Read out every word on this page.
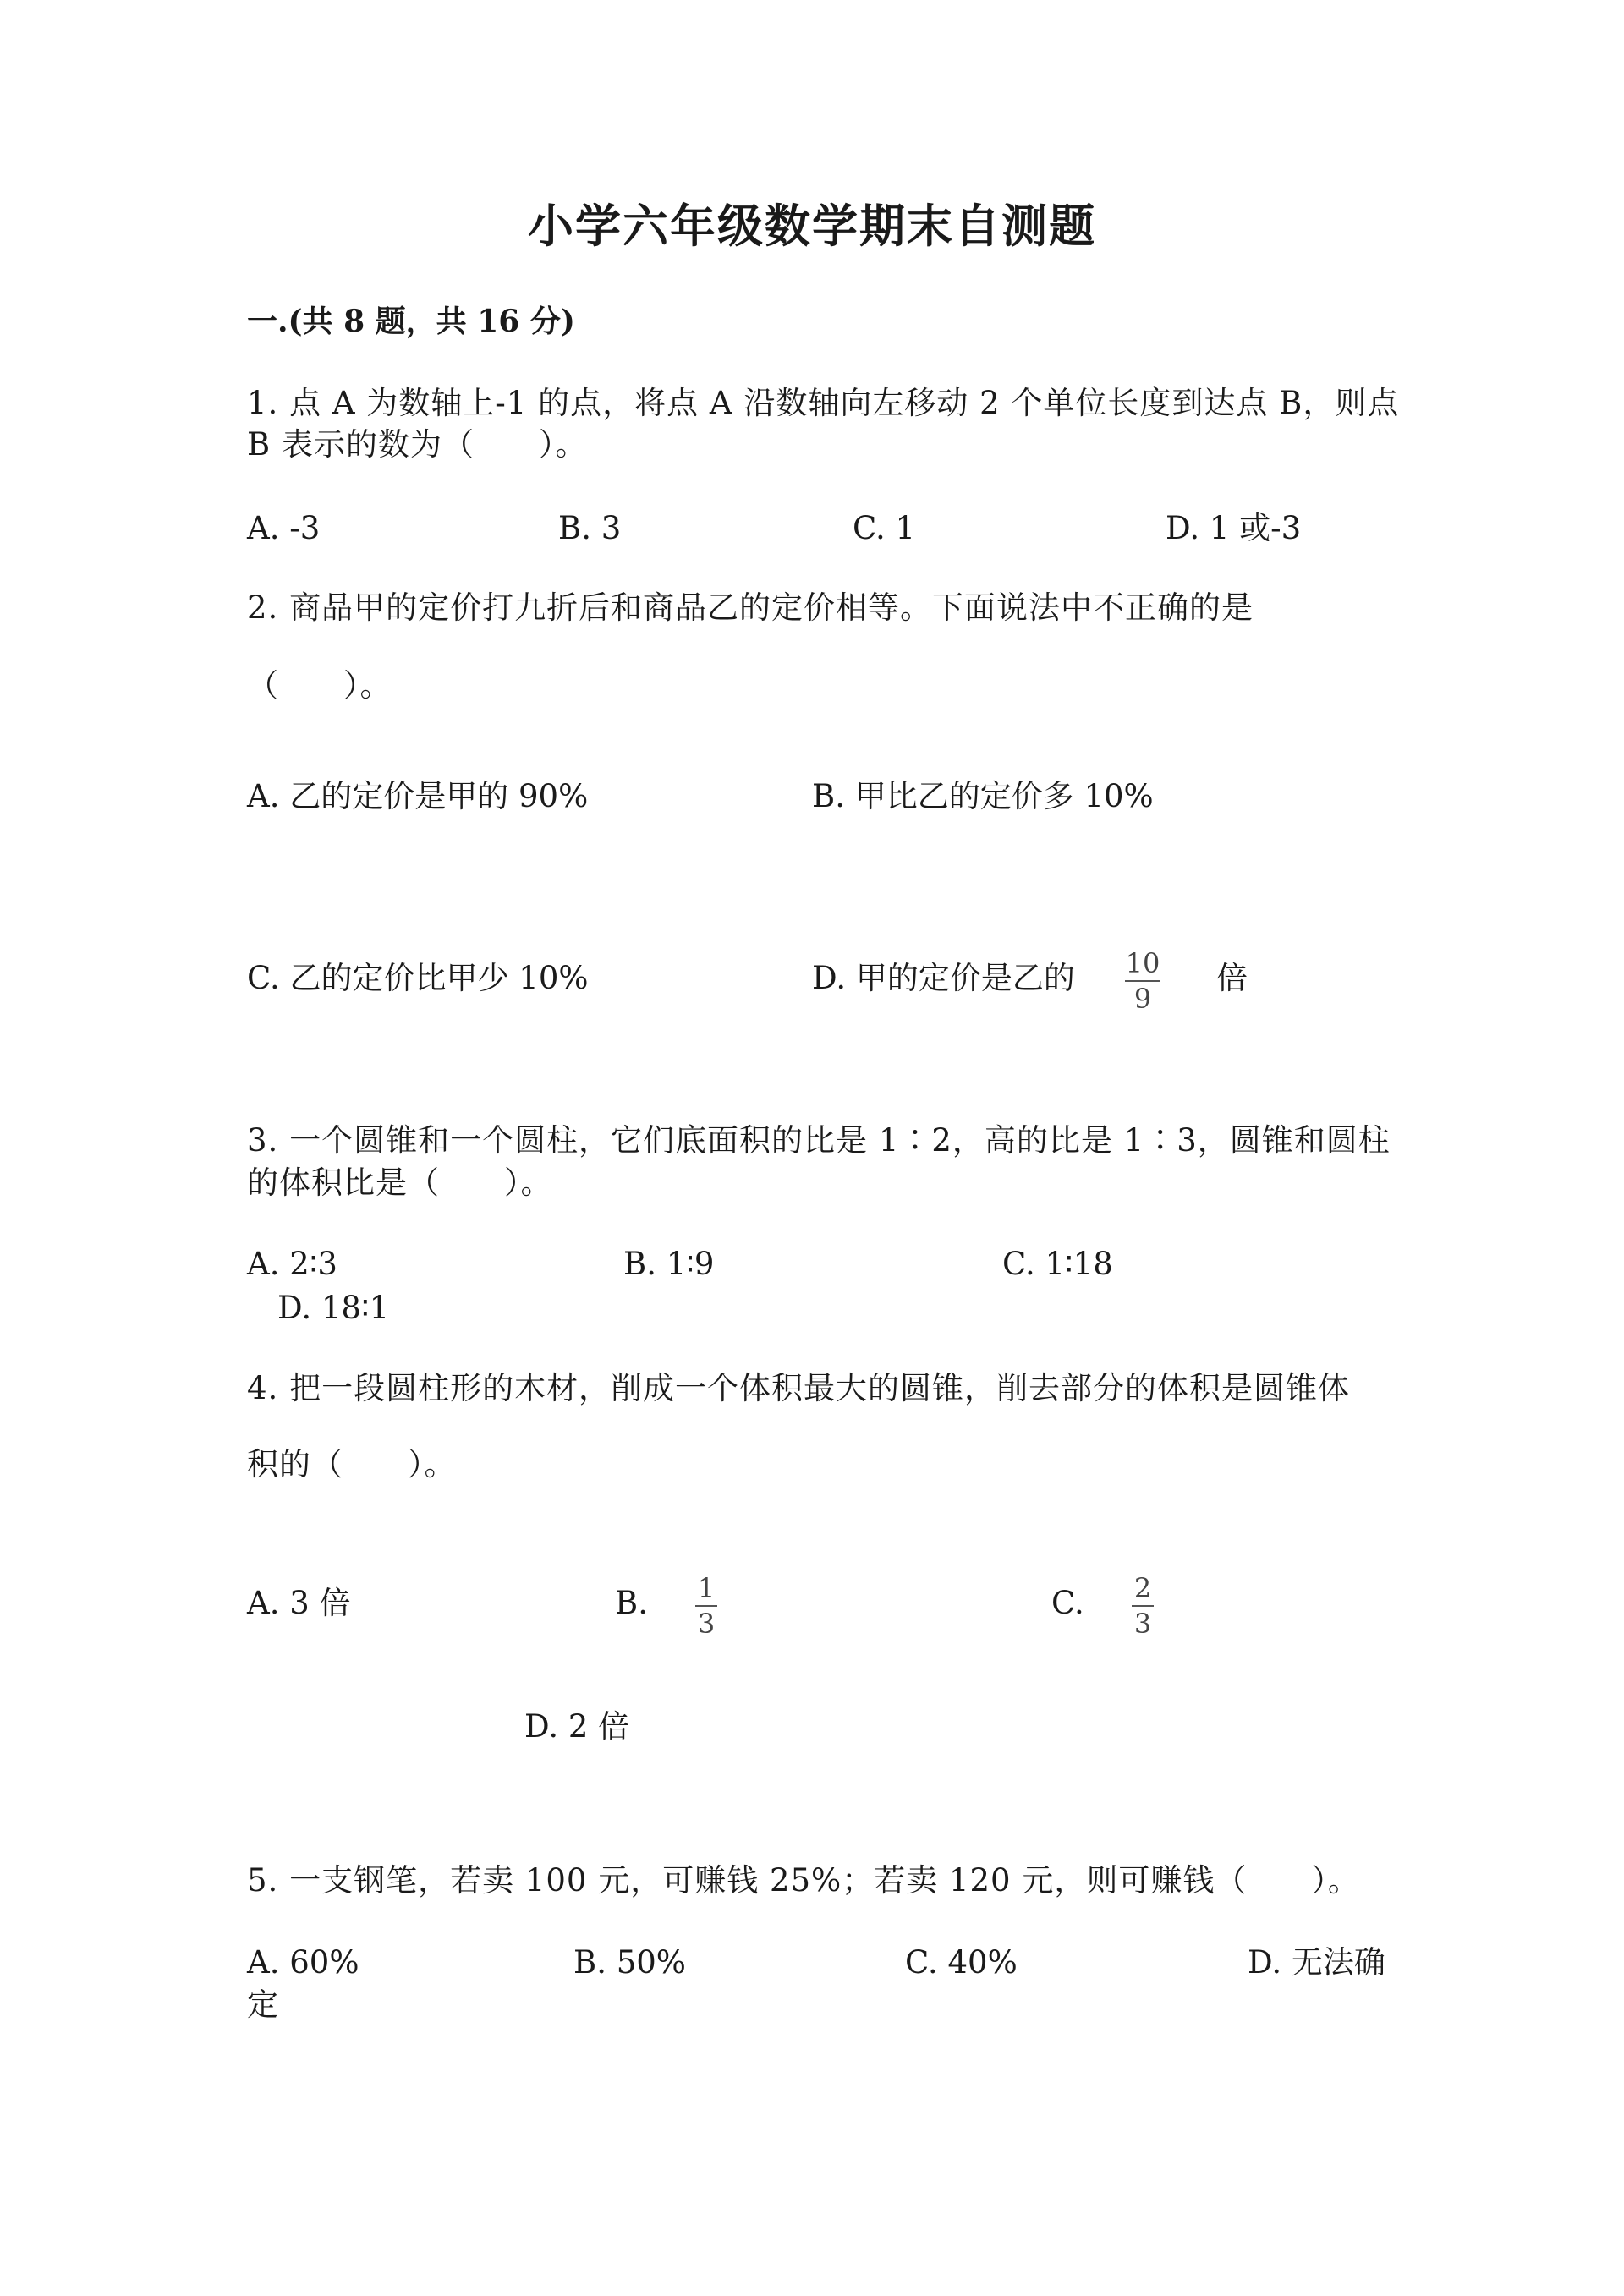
小学六年级数学期末自测题
一.(共 8 题，共 16 分)
1. 点 A 为数轴上-1 的点，将点 A 沿数轴向左移动 2 个单位长度到达点 B，则点
B 表示的数为（　　）。
A. -3	B. 3	C. 1	D. 1 或-3
2. 商品甲的定价打九折后和商品乙的定价相等。下面说法中不正确的是
（　　）。
A. 乙的定价是甲的 90%	B. 甲比乙的定价多 10%
C. 乙的定价比甲少 10%	D. 甲的定价是乙的 10
9
倍
3. 一个圆锥和一个圆柱，它们底面积的比是 1∶2，高的比是 1∶3，圆锥和圆柱
的体积比是（　　）。
A. 2∶3	B. 1∶9	C. 1∶18
D. 18∶1
4. 把一段圆柱形的木材，削成一个体积最大的圆锥，削去部分的体积是圆锥体
积的（　　）。
A. 3 倍	B. 1
3
C. 2
3
D. 2 倍
5. 一支钢笔，若卖 100 元，可赚钱 25%；若卖 120 元，则可赚钱（　　）。
A. 60%	B. 50%	C. 40%	D. 无法确
定
